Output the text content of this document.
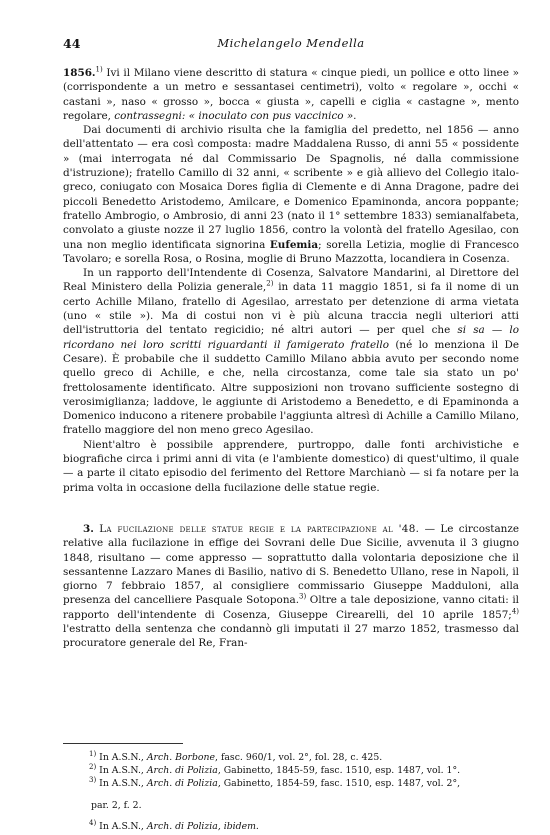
44	Michelangelo Mendella

1856.$^{1)}$ Ivi il Milano viene descritto di statura « cinque piedi, un pollice e otto linee » (corrispondente a un metro e sessantasei centimetri), volto « regolare », occhi « castani », naso « grosso », bocca « giusta », capelli e ciglia « castagne », mento regolare, contrassegni: « inoculato con pus vaccinico ».

Dai documenti di archivio risulta che la famiglia del predetto, nel 1856 — anno dell'attentato — era così composta: madre Maddalena Russo, di anni 55 « possidente » (mai interrogata né dal Commissario De Spagnolis, né dalla commissione d'istruzione); fratello Camillo di 32 anni, « scribente » e già allievo del Collegio italo-greco, coniugato con Mosaica Dores figlia di Clemente e di Anna Dragone, padre dei piccoli Benedetto Aristodemo, Amilcare, e Domenico Epaminonda, ancora poppante; fratello Ambrogio, o Ambrosio, di anni 23 (nato il 1° settembre 1833) semianalfabeta, convolato a giuste nozze il 27 luglio 1856, contro la volontà del fratello Agesilao, con una non meglio identificata signorina Eufemia; sorella Letizia, moglie di Francesco Tavolaro; e sorella Rosa, o Rosina, moglie di Bruno Mazzotta, locandiera in Cosenza.

In un rapporto dell'Intendente di Cosenza, Salvatore Mandarini, al Direttore del Real Ministero della Polizia generale,$^{2)}$ in data 11 maggio 1851, si fa il nome di un certo Achille Milano, fratello di Agesilao, arrestato per detenzione di arma vietata (uno « stile »). Ma di costui non vi è più alcuna traccia negli ulteriori atti dell'istruttoria del tentato regicidio; né altri autori — per quel che si sa — lo ricordano nei loro scritti riguardanti il famigerato fratello (né lo menziona il De Cesare). È probabile che il suddetto Camillo Milano abbia avuto per secondo nome quello greco di Achille, e che, nella circostanza, come tale sia stato un po' frettolosamente identificato. Altre supposizioni non trovano sufficiente sostegno di verosimiglianza; laddove, le aggiunte di Aristodemo a Benedetto, e di Epaminonda a Domenico inducono a ritenere probabile l'aggiunta altresì di Achille a Camillo Milano, fratello maggiore del non meno greco Agesilao.

Nient'altro è possibile apprendere, purtroppo, dalle fonti archivistiche e biografiche circa i primi anni di vita (e l'ambiente domestico) di quest'ultimo, il quale — a parte il citato episodio del ferimento del Rettore Marchianò — si fa notare per la prima volta in occasione della fucilazione delle statue regie.

3. La fucilazione delle statue regie e la partecipazione al '48. — Le circostanze relative alla fucilazione in effige dei Sovrani delle Due Sicilie, avvenuta il 3 giugno 1848, risultano — come appresso — soprattutto dalla volontaria deposizione che il sessantenne Lazzaro Manes di Basilio, nativo di S. Benedetto Ullano, rese in Napoli, il giorno 7 febbraio 1857, al consigliere commissario Giuseppe Madduloni, alla presenza del cancelliere Pasquale Sotopona.$^{3)}$ Oltre a tale deposizione, vanno citati: il rapporto dell'intendente di Cosenza, Giuseppe Cirearelli, del 10 aprile 1857;$^{4)}$ l'estratto della sentenza che condannò gli imputati il 27 marzo 1852, trasmesso dal procuratore generale del Re, Fran-

$^{1)}$ In A.S.N., Arch. Borbone, fasc. 960/1, vol. 2°, fol. 28, c. 425.

$^{2)}$ In A.S.N., Arch. di Polizia, Gabinetto, 1845-59, fasc. 1510, esp. 1487, vol. 1°.

$^{3)}$ In A.S.N., Arch. di Polizia, Gabinetto, 1854-59, fasc. 1510, esp. 1487, vol. 2°,

par. 2, f. 2.

$^{4)}$ In A.S.N., Arch. di Polizia, ibidem.
